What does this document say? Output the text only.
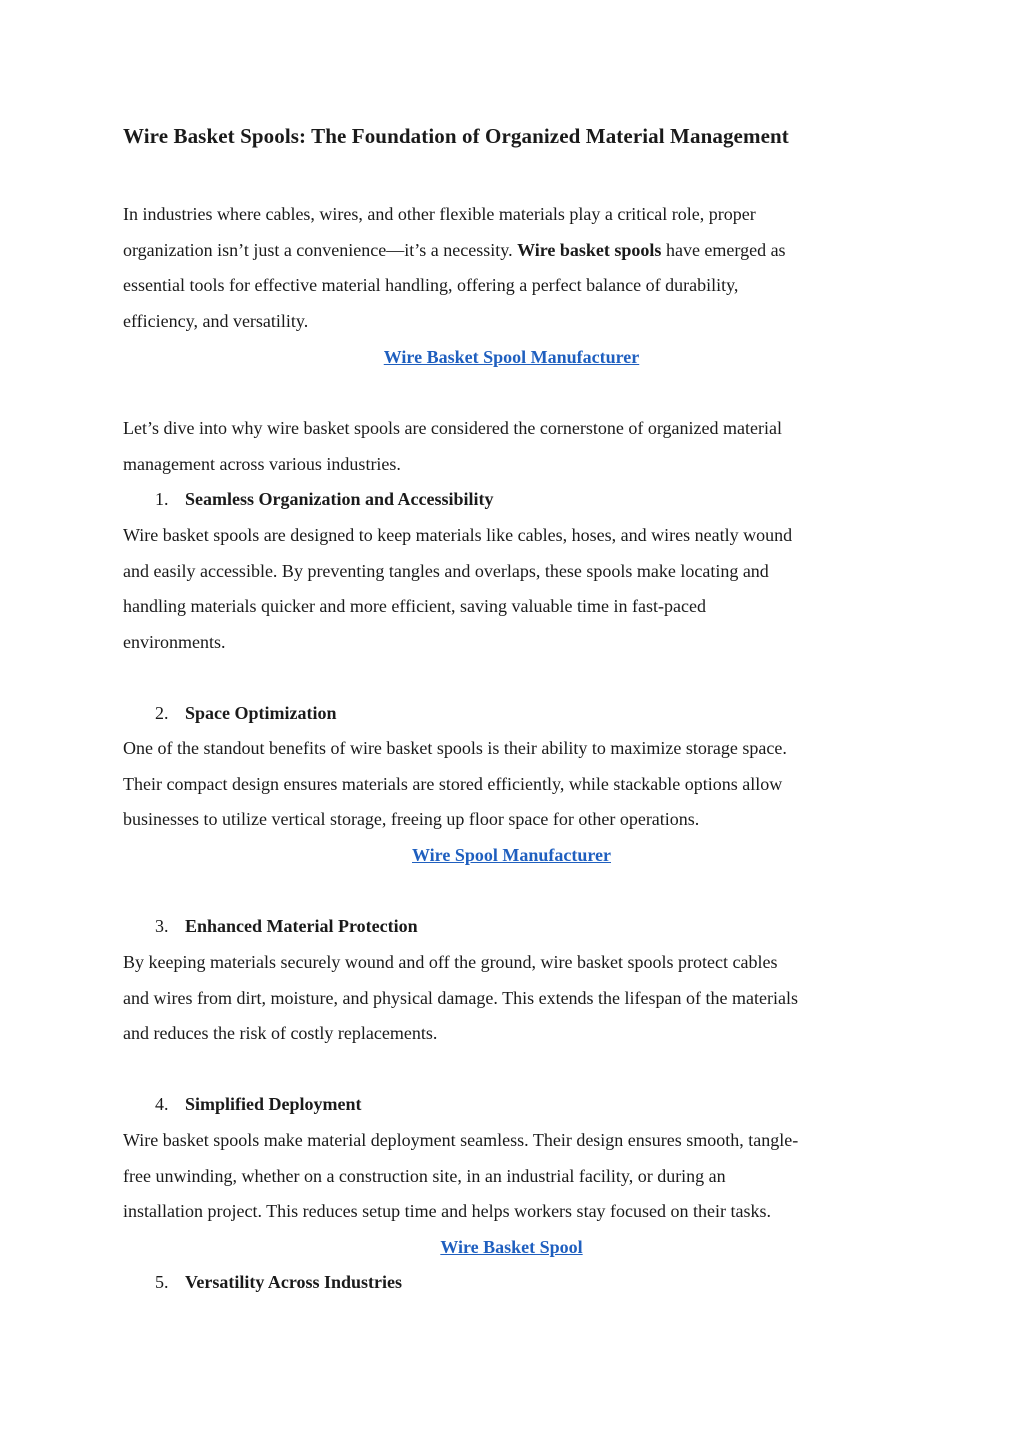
Wire Basket Spools: The Foundation of Organized Material Management

In industries where cables, wires, and other flexible materials play a critical role, proper
organization isn’t just a convenience—it’s a necessity. Wire basket spools have emerged as
essential tools for effective material handling, offering a perfect balance of durability,
efficiency, and versatility.

Wire Basket Spool Manufacturer

Let’s dive into why wire basket spools are considered the cornerstone of organized material
management across various industries.

1. Seamless Organization and Accessibility

Wire basket spools are designed to keep materials like cables, hoses, and wires neatly wound
and easily accessible. By preventing tangles and overlaps, these spools make locating and
handling materials quicker and more efficient, saving valuable time in fast-paced
environments.

2. Space Optimization

One of the standout benefits of wire basket spools is their ability to maximize storage space.
Their compact design ensures materials are stored efficiently, while stackable options allow
businesses to utilize vertical storage, freeing up floor space for other operations.

Wire Spool Manufacturer
3. Enhanced Material Protection

By keeping materials securely wound and off the ground, wire basket spools protect cables
and wires from dirt, moisture, and physical damage. This extends the lifespan of the materials
and reduces the risk of costly replacements.

4. Simplified Deployment

Wire basket spools make material deployment seamless. Their design ensures smooth, tangle-
free unwinding, whether on a construction site, in an industrial facility, or during an
installation project. This reduces setup time and helps workers stay focused on their tasks.

Wire Basket Spool
5. Versatility Across Industries
